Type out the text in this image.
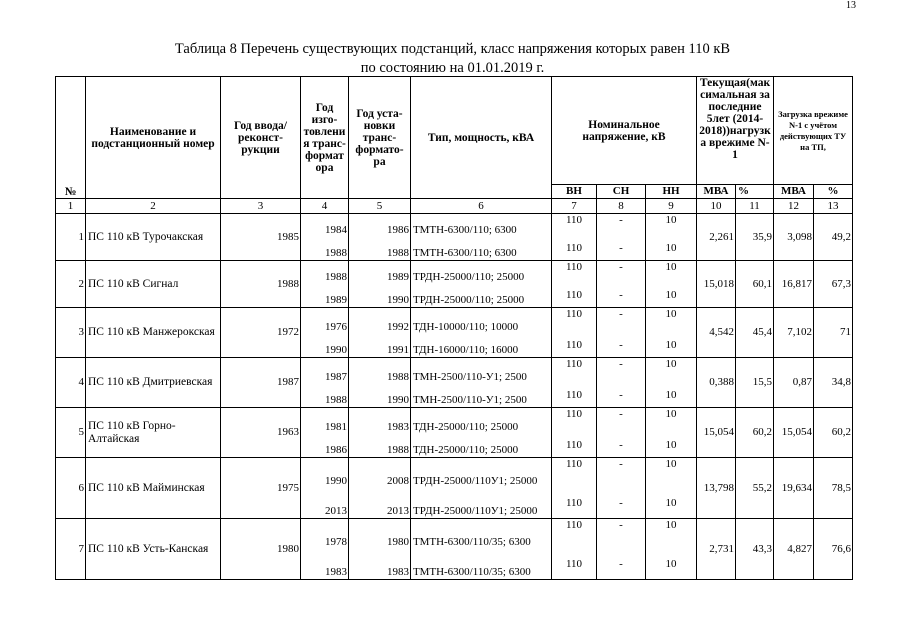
13
Таблица 8 Перечень существующих подстанций, класс напряжения которых равен 110 кВ
по состоянию на 01.01.2019 г.
№	Наименование и подстанционный номер	Год ввода/ реконст-рукции	Год изго-товлени я транс-формат ора	Год уста-новки транс-формато-ра	Тип, мощность, кВА	Номинальное напряжение, кВ			Текущая(мак симальная за последние 5лет (2014-2018))нагрузк а врежиме N-1		Загрузка врежиме N-1 с учётом действующих ТУ на ТП,	
						ВН	СН	НН	МВА	%	МВА	%
1	2	3	4	5	6	7	8	9	10	11	12	13
1	ПС 110 кВ Турочакская	1985	1984	1986	ТМТН-6300/110; 6300	110	-	10	2,261	35,9	3,098	49,2
			1988	1988	ТМТН-6300/110; 6300	110	-	10				
2	ПС 110 кВ Сигнал	1988	1988	1989	ТРДН-25000/110; 25000	110	-	10	15,018	60,1	16,817	67,3
			1989	1990	ТРДН-25000/110; 25000	110	-	10				
3	ПС 110 кВ Манжерокская	1972	1976	1992	ТДН-10000/110; 10000	110	-	10	4,542	45,4	7,102	71
			1990	1991	ТДН-16000/110; 16000	110	-	10				
4	ПС 110 кВ Дмитриевская	1987	1987	1988	ТМН-2500/110-У1; 2500	110	-	10	0,388	15,5	0,87	34,8
			1988	1990	ТМН-2500/110-У1; 2500	110	-	10				
5	ПС 110 кВ Горно-Алтайская	1963	1981	1983	ТДН-25000/110; 25000	110	-	10	15,054	60,2	15,054	60,2
			1986	1988	ТДН-25000/110; 25000	110	-	10				
6	ПС 110 кВ Майминская	1975	1990	2008	ТРДН-25000/110У1; 25000	110	-	10	13,798	55,2	19,634	78,5
			2013	2013	ТРДН-25000/110У1; 25000	110	-	10				
7	ПС 110 кВ Усть-Канская	1980	1978	1980	ТМТН-6300/110/35; 6300	110	-	10	2,731	43,3	4,827	76,6
			1983	1983	ТМТН-6300/110/35; 6300	110	-	10				
